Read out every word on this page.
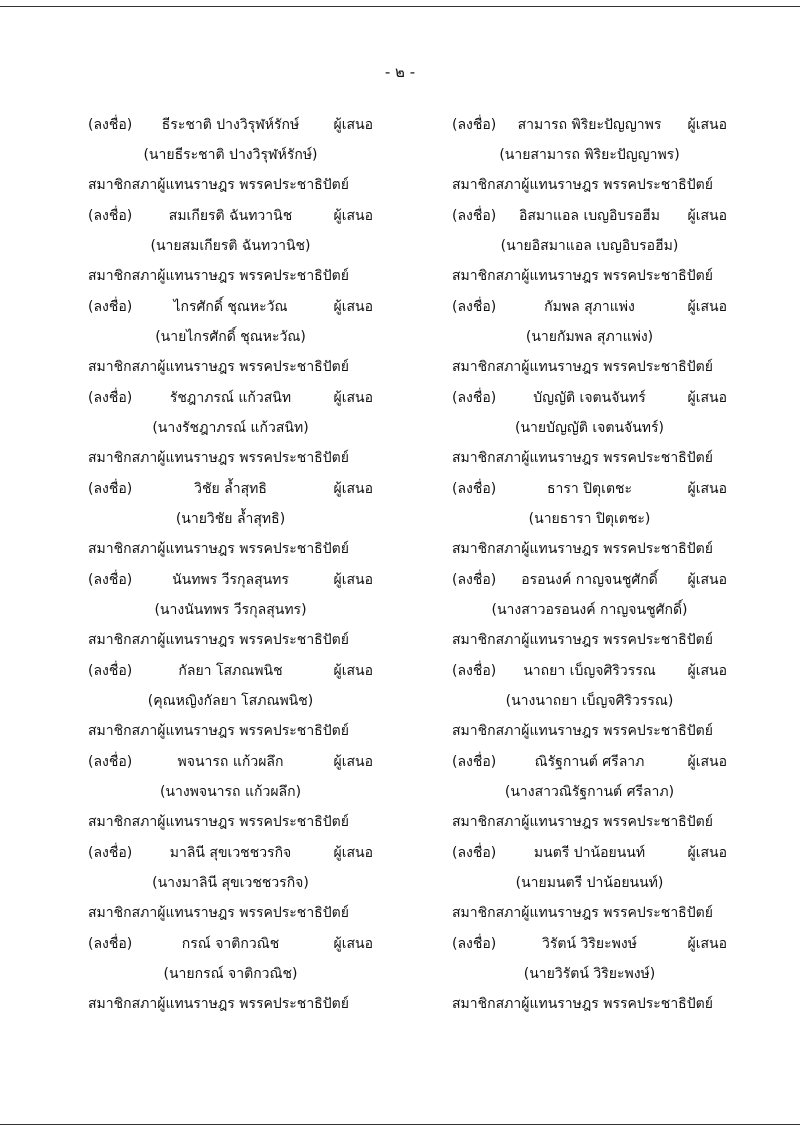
- ๒ -
(ลงชื่อ)	ธีระชาติ ปางวิรุฬห์รักษ์	ผู้เสนอ
(นายธีระชาติ ปางวิรุฬห์รักษ์)
สมาชิกสภาผู้แทนราษฎร พรรคประชาธิปัตย์
(ลงชื่อ)	สมเกียรติ ฉันทวานิช	ผู้เสนอ
(นายสมเกียรติ ฉันทวานิช)
สมาชิกสภาผู้แทนราษฎร พรรคประชาธิปัตย์
(ลงชื่อ)	ไกรศักดิ์ ชุณหะวัณ	ผู้เสนอ
(นายไกรศักดิ์ ชุณหะวัณ)
สมาชิกสภาผู้แทนราษฎร พรรคประชาธิปัตย์
(ลงชื่อ)	รัชฎาภรณ์ แก้วสนิท	ผู้เสนอ
(นางรัชฎาภรณ์ แก้วสนิท)
สมาชิกสภาผู้แทนราษฎร พรรคประชาธิปัตย์
(ลงชื่อ)	วิชัย ล้ำสุทธิ	ผู้เสนอ
(นายวิชัย ล้ำสุทธิ)
สมาชิกสภาผู้แทนราษฎร พรรคประชาธิปัตย์
(ลงชื่อ)	นันทพร วีรกุลสุนทร	ผู้เสนอ
(นางนันทพร วีรกุลสุนทร)
สมาชิกสภาผู้แทนราษฎร พรรคประชาธิปัตย์
(ลงชื่อ)	กัลยา โสภณพนิช	ผู้เสนอ
(คุณหญิงกัลยา โสภณพนิช)
สมาชิกสภาผู้แทนราษฎร พรรคประชาธิปัตย์
(ลงชื่อ)	พจนารถ แก้วผลึก	ผู้เสนอ
(นางพจนารถ แก้วผลึก)
สมาชิกสภาผู้แทนราษฎร พรรคประชาธิปัตย์
(ลงชื่อ)	มาลินี สุขเวชชวรกิจ	ผู้เสนอ
(นางมาลินี สุขเวชชวรกิจ)
สมาชิกสภาผู้แทนราษฎร พรรคประชาธิปัตย์
(ลงชื่อ)	กรณ์ จาติกวณิช	ผู้เสนอ
(นายกรณ์ จาติกวณิช)
สมาชิกสภาผู้แทนราษฎร พรรคประชาธิปัตย์
(ลงชื่อ)	สามารถ พิริยะปัญญาพร	ผู้เสนอ
(นายสามารถ พิริยะปัญญาพร)
สมาชิกสภาผู้แทนราษฎร พรรคประชาธิปัตย์
(ลงชื่อ)	อิสมาแอล เบญอิบรอฮีม	ผู้เสนอ
(นายอิสมาแอล เบญอิบรอฮีม)
สมาชิกสภาผู้แทนราษฎร พรรคประชาธิปัตย์
(ลงชื่อ)	กัมพล สุภาแพ่ง	ผู้เสนอ
(นายกัมพล สุภาแพ่ง)
สมาชิกสภาผู้แทนราษฎร พรรคประชาธิปัตย์
(ลงชื่อ)	บัญญัติ เจตนจันทร์	ผู้เสนอ
(นายบัญญัติ เจตนจันทร์)
สมาชิกสภาผู้แทนราษฎร พรรคประชาธิปัตย์
(ลงชื่อ)	ธารา ปิตุเตชะ	ผู้เสนอ
(นายธารา ปิตุเตชะ)
สมาชิกสภาผู้แทนราษฎร พรรคประชาธิปัตย์
(ลงชื่อ)	อรอนงค์ กาญจนชูศักดิ์	ผู้เสนอ
(นางสาวอรอนงค์ กาญจนชูศักดิ์)
สมาชิกสภาผู้แทนราษฎร พรรคประชาธิปัตย์
(ลงชื่อ)	นาถยา เบ็ญจศิริวรรณ	ผู้เสนอ
(นางนาถยา เบ็ญจศิริวรรณ)
สมาชิกสภาผู้แทนราษฎร พรรคประชาธิปัตย์
(ลงชื่อ)	ณิรัฐกานต์ ศรีลาภ	ผู้เสนอ
(นางสาวณิรัฐกานต์ ศรีลาภ)
สมาชิกสภาผู้แทนราษฎร พรรคประชาธิปัตย์
(ลงชื่อ)	มนตรี ปาน้อยนนท์	ผู้เสนอ
(นายมนตรี ปาน้อยนนท์)
สมาชิกสภาผู้แทนราษฎร พรรคประชาธิปัตย์
(ลงชื่อ)	วิรัตน์ วิริยะพงษ์	ผู้เสนอ
(นายวิรัตน์ วิริยะพงษ์)
สมาชิกสภาผู้แทนราษฎร พรรคประชาธิปัตย์
